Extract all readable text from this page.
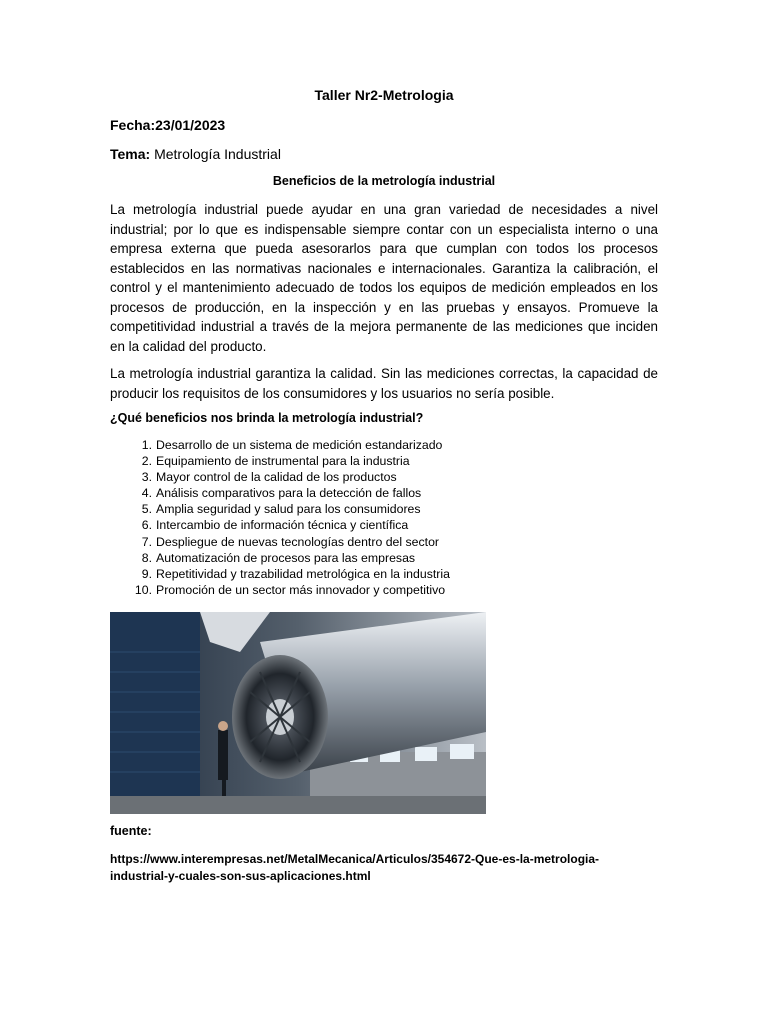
Taller Nr2-Metrologia
Fecha:23/01/2023
Tema: Metrología Industrial
Beneficios de la metrología industrial

La metrología industrial puede ayudar en una gran variedad de necesidades a nivel industrial; por lo que es indispensable siempre contar con un especialista interno o una empresa externa que pueda asesorarlos para que cumplan con todos los procesos establecidos en las normativas nacionales e internacionales. Garantiza la calibración, el control y el mantenimiento adecuado de todos los equipos de medición empleados en los procesos de producción, en la inspección y en las pruebas y ensayos. Promueve la competitividad industrial a través de la mejora permanente de las mediciones que inciden en la calidad del producto.

La metrología industrial garantiza la calidad. Sin las mediciones correctas, la capacidad de producir los requisitos de los consumidores y los usuarios no sería posible.

¿Qué beneficios nos brinda la metrología industrial?
1. Desarrollo de un sistema de medición estandarizado
2. Equipamiento de instrumental para la industria
3. Mayor control de la calidad de los productos
4. Análisis comparativos para la detección de fallos
5. Amplia seguridad y salud para los consumidores
6. Intercambio de información técnica y científica
7. Despliegue de nuevas tecnologías dentro del sector
8. Automatización de procesos para las empresas
9. Repetitividad y trazabilidad metrológica en la industria
10. Promoción de un sector más innovador y competitivo
fuente:
https://www.interempresas.net/MetalMecanica/Articulos/354672-Que-es-la-metrologia-industrial-y-cuales-son-sus-aplicaciones.html
